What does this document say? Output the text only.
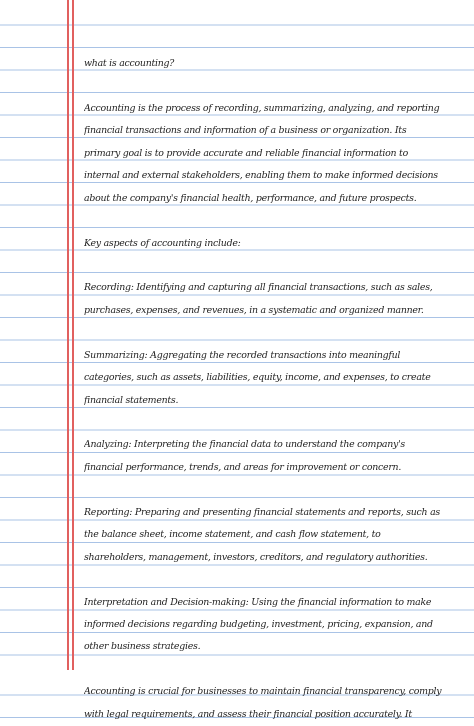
what is accounting?
Accounting is the process of recording, summarizing, analyzing, and reporting
financial transactions and information of a business or organization. Its
primary goal is to provide accurate and reliable financial information to
internal and external stakeholders, enabling them to make informed decisions
about the company's financial health, performance, and future prospects.
Key aspects of accounting include:
Recording: Identifying and capturing all financial transactions, such as sales,
purchases, expenses, and revenues, in a systematic and organized manner.
Summarizing: Aggregating the recorded transactions into meaningful
categories, such as assets, liabilities, equity, income, and expenses, to create
financial statements.
Analyzing: Interpreting the financial data to understand the company's
financial performance, trends, and areas for improvement or concern.
Reporting: Preparing and presenting financial statements and reports, such as
the balance sheet, income statement, and cash flow statement, to
shareholders, management, investors, creditors, and regulatory authorities.
Interpretation and Decision-making: Using the financial information to make
informed decisions regarding budgeting, investment, pricing, expansion, and
other business strategies.
Accounting is crucial for businesses to maintain financial transparency, comply
with legal requirements, and assess their financial position accurately. It
